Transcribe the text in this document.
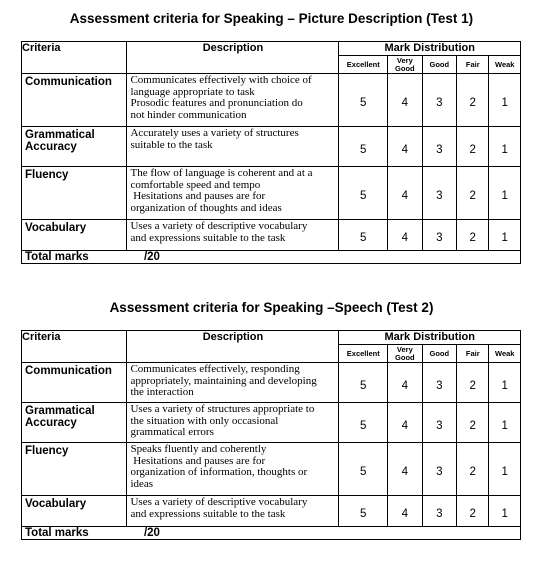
Assessment criteria for Speaking – Picture Description (Test 1)
Criteria	Description	Mark Distribution				
		Excellent	Very Good	Good	Fair	Weak
Communication	Communicates effectively with choice of
language appropriate to task
Prosodic features and pronunciation do
not hinder communication	5	4	3	2	1
Grammatical Accuracy	Accurately uses a variety of structures
suitable to the task	5	4	3	2	1
Fluency	The flow of language is coherent and at a
comfortable speed and tempo
Hesitations and pauses are for
organization of thoughts and ideas	5	4	3	2	1
Vocabulary	Uses a variety of descriptive vocabulary
and expressions suitable to the task	5	4	3	2	1
Total marks	/20					
Assessment criteria for Speaking –Speech (Test 2)
Criteria	Description	Mark Distribution				
		Excellent	Very Good	Good	Fair	Weak
Communication	Communicates effectively, responding
appropriately, maintaining and developing
the interaction	5	4	3	2	1
Grammatical Accuracy	Uses a variety of structures appropriate to
the situation with only occasional
grammatical errors	5	4	3	2	1
Fluency	Speaks fluently and coherently
Hesitations and pauses are for
organization of information, thoughts or
ideas	5	4	3	2	1
Vocabulary	Uses a variety of descriptive vocabulary
and expressions suitable to the task	5	4	3	2	1
Total marks	/20					
